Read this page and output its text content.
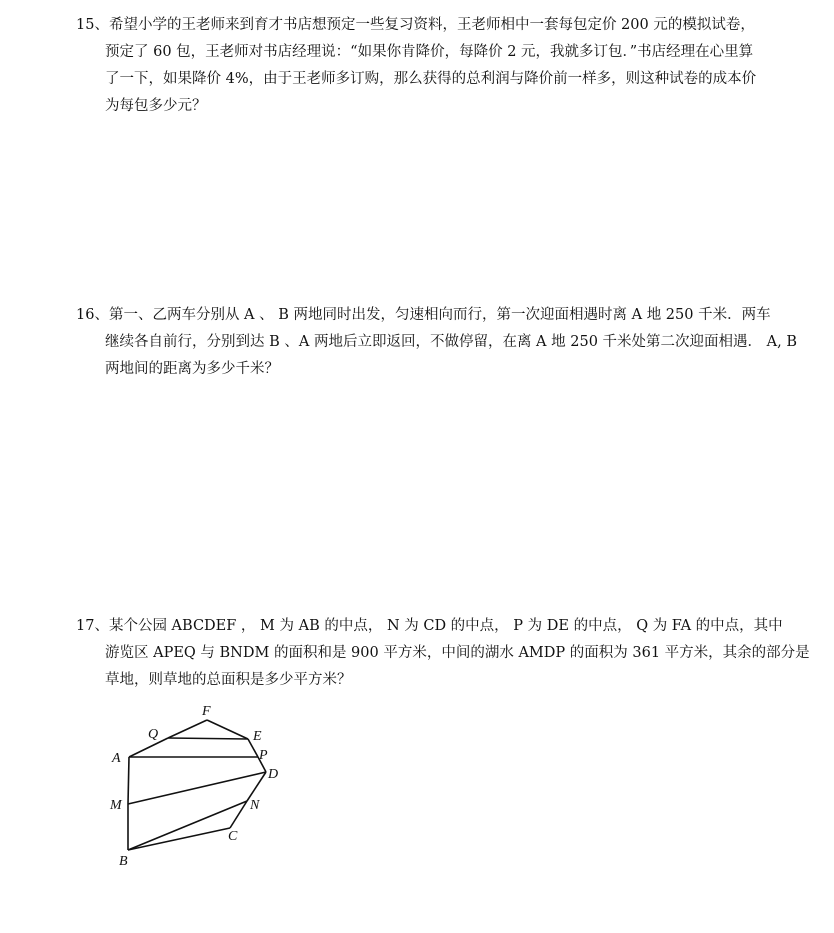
15、希望小学的王老师来到育才书店想预定一些复习资料，王老师相中一套每包定价 200 元的模拟试卷，
预定了 60 包，王老师对书店经理说：“如果你肯降价，每降价 2 元，我就多订包．”书店经理在心里算
了一下，如果降价 4%，由于王老师多订购，那么获得的总利润与降价前一样多，则这种试卷的成本价
为每包多少元？
16、第一、乙两车分别从 A 、 B 两地同时出发，匀速相向而行，第一次迎面相遇时离 A 地 250 千米．两车
继续各自前行，分别到达 B 、A 两地后立即返回，不做停留，在离 A 地 250 千米处第二次迎面相遇． A, B
两地间的距离为多少千米？
17、某个公园 ABCDEF ， M 为 AB 的中点， N 为 CD 的中点， P 为 DE 的中点， Q 为 FA 的中点，其中
游览区 APEQ 与 BNDM 的面积和是 900 平方米，中间的湖水 AMDP 的面积为 361 平方米，其余的部分是
草地，则草地的总面积是多少平方米？
F
Q	E
P
A
D
M	N
C
B
